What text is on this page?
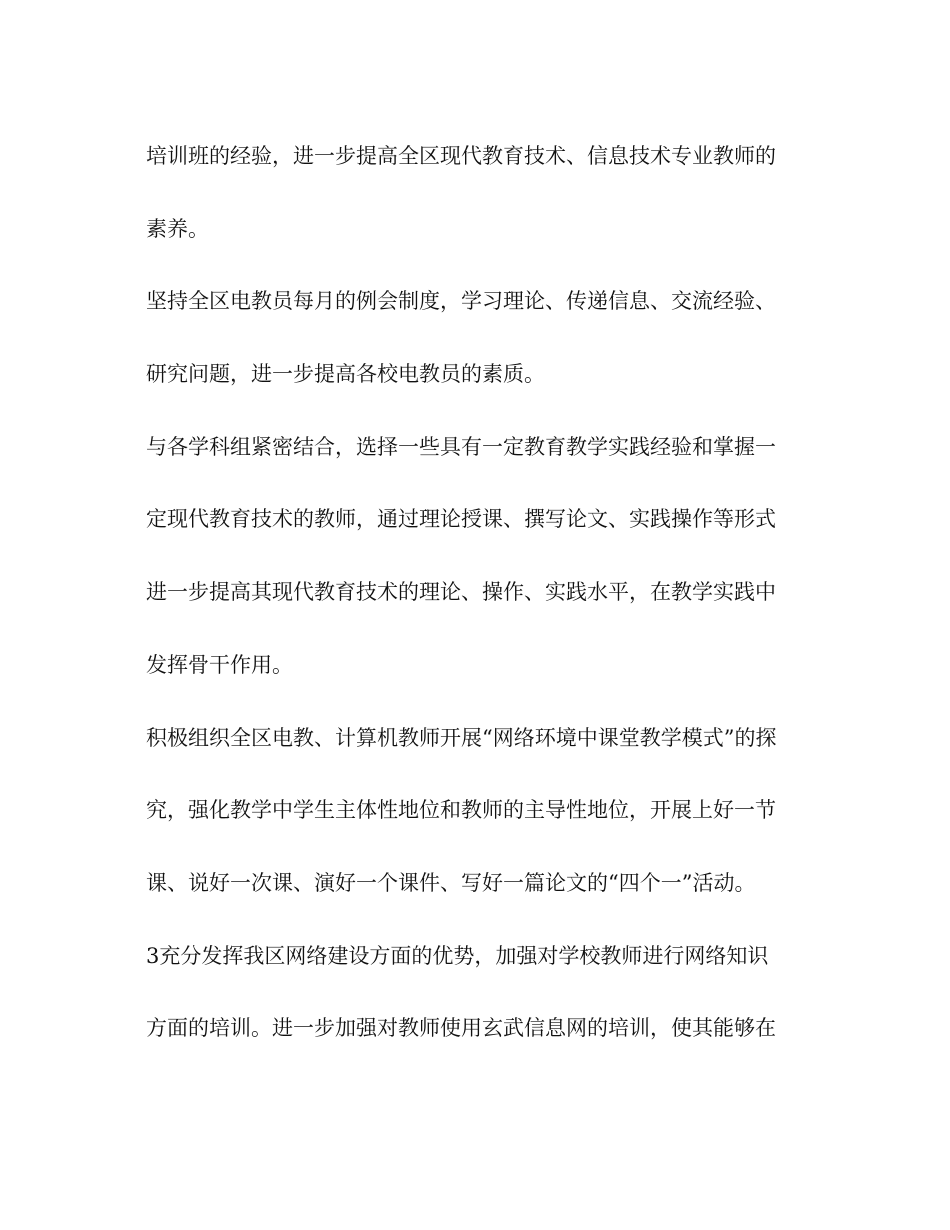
培训班的经验，进一步提高全区现代教育技术、信息技术专业教师的
素养。
坚持全区电教员每月的例会制度，学习理论、传递信息、交流经验、
研究问题，进一步提高各校电教员的素质。
与各学科组紧密结合，选择一些具有一定教育教学实践经验和掌握一
定现代教育技术的教师，通过理论授课、撰写论文、实践操作等形式
进一步提高其现代教育技术的理论、操作、实践水平，在教学实践中
发挥骨干作用。
积极组织全区电教、计算机教师开展“网络环境中课堂教学模式”的探
究，强化教学中学生主体性地位和教师的主导性地位，开展上好一节
课、说好一次课、演好一个课件、写好一篇论文的“四个一”活动。
3充分发挥我区网络建设方面的优势，加强对学校教师进行网络知识
方面的培训。进一步加强对教师使用玄武信息网的培训，使其能够在
